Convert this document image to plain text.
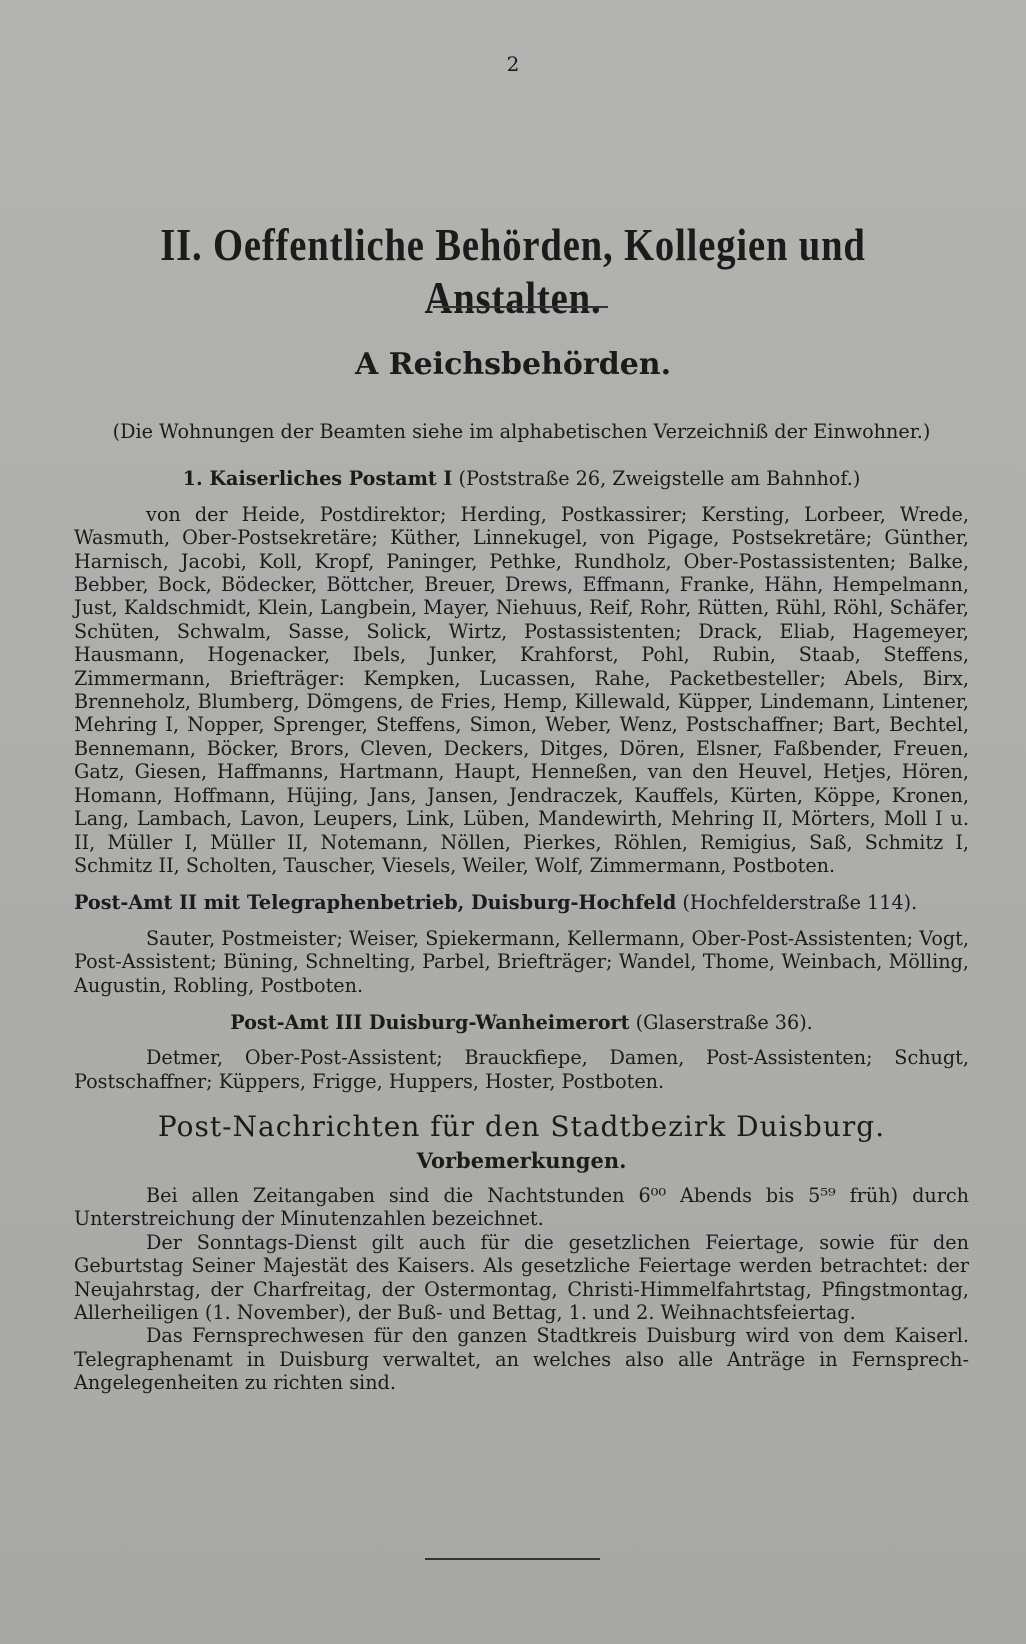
2
II. Oeffentliche Behörden, Kollegien und Anstalten.
A Reichsbehörden.

(Die Wohnungen der Beamten siehe im alphabetischen Verzeichniß der Einwohner.)

1. Kaiserliches Postamt I (Poststraße 26, Zweigstelle am Bahnhof.)

von der Heide, Postdirektor; Herding, Postkassirer; Kersting, Lorbeer, Wrede, Wasmuth, Ober-Postsekretäre; Küther, Linnekugel, von Pigage, Postsekretäre; Günther, Harnisch, Jacobi, Koll, Kropf, Paninger, Pethke, Rundholz, Ober-Postassistenten; Balke, Bebber, Bock, Bödecker, Böttcher, Breuer, Drews, Effmann, Franke, Hähn, Hempelmann, Just, Kaldschmidt, Klein, Langbein, Mayer, Niehuus, Reif, Rohr, Rütten, Rühl, Röhl, Schäfer, Schüten, Schwalm, Sasse, Solick, Wirtz, Postassistenten; Drack, Eliab, Hagemeyer, Hausmann, Hogenacker, Ibels, Junker, Krahforst, Pohl, Rubin, Staab, Steffens, Zimmermann, Briefträger: Kempken, Lucassen, Rahe, Packetbesteller; Abels, Birx, Brenneholz, Blumberg, Dömgens, de Fries, Hemp, Killewald, Küpper, Lindemann, Lintener, Mehring I, Nopper, Sprenger, Steffens, Simon, Weber, Wenz, Postschaffner; Bart, Bechtel, Bennemann, Böcker, Brors, Cleven, Deckers, Ditges, Dören, Elsner, Faßbender, Freuen, Gatz, Giesen, Haffmanns, Hartmann, Haupt, Henneßen, van den Heuvel, Hetjes, Hören, Homann, Hoffmann, Hüjing, Jans, Jansen, Jendraczek, Kauffels, Kürten, Köppe, Kronen, Lang, Lambach, Lavon, Leupers, Link, Lüben, Mandewirth, Mehring II, Mörters, Moll I u. II, Müller I, Müller II, Notemann, Nöllen, Pierkes, Röhlen, Remigius, Saß, Schmitz I, Schmitz II, Scholten, Tauscher, Viesels, Weiler, Wolf, Zimmermann, Postboten.

Post-Amt II mit Telegraphenbetrieb, Duisburg-Hochfeld (Hochfelderstraße 114).

Sauter, Postmeister; Weiser, Spiekermann, Kellermann, Ober-Post-Assistenten; Vogt, Post-Assistent; Büning, Schnelting, Parbel, Briefträger; Wandel, Thome, Weinbach, Mölling, Augustin, Robling, Postboten.

Post-Amt III Duisburg-Wanheimerort (Glaserstraße 36).

Detmer, Ober-Post-Assistent; Brauckfiepe, Damen, Post-Assistenten; Schugt, Postschaffner; Küppers, Frigge, Huppers, Hoster, Postboten.

Post-Nachrichten für den Stadtbezirk Duisburg.
Vorbemerkungen.

Bei allen Zeitangaben sind die Nachtstunden 6⁰⁰ Abends bis 5⁵⁹ früh) durch Unterstreichung der Minutenzahlen bezeichnet.

Der Sonntags-Dienst gilt auch für die gesetzlichen Feiertage, sowie für den Geburtstag Seiner Majestät des Kaisers. Als gesetzliche Feiertage werden betrachtet: der Neujahrstag, der Charfreitag, der Ostermontag, Christi-Himmelfahrtstag, Pfingstmontag, Allerheiligen (1. November), der Buß- und Bettag, 1. und 2. Weihnachtsfeiertag.

Das Fernsprechwesen für den ganzen Stadtkreis Duisburg wird von dem Kaiserl. Telegraphenamt in Duisburg verwaltet, an welches also alle Anträge in Fernsprech-Angelegenheiten zu richten sind.
